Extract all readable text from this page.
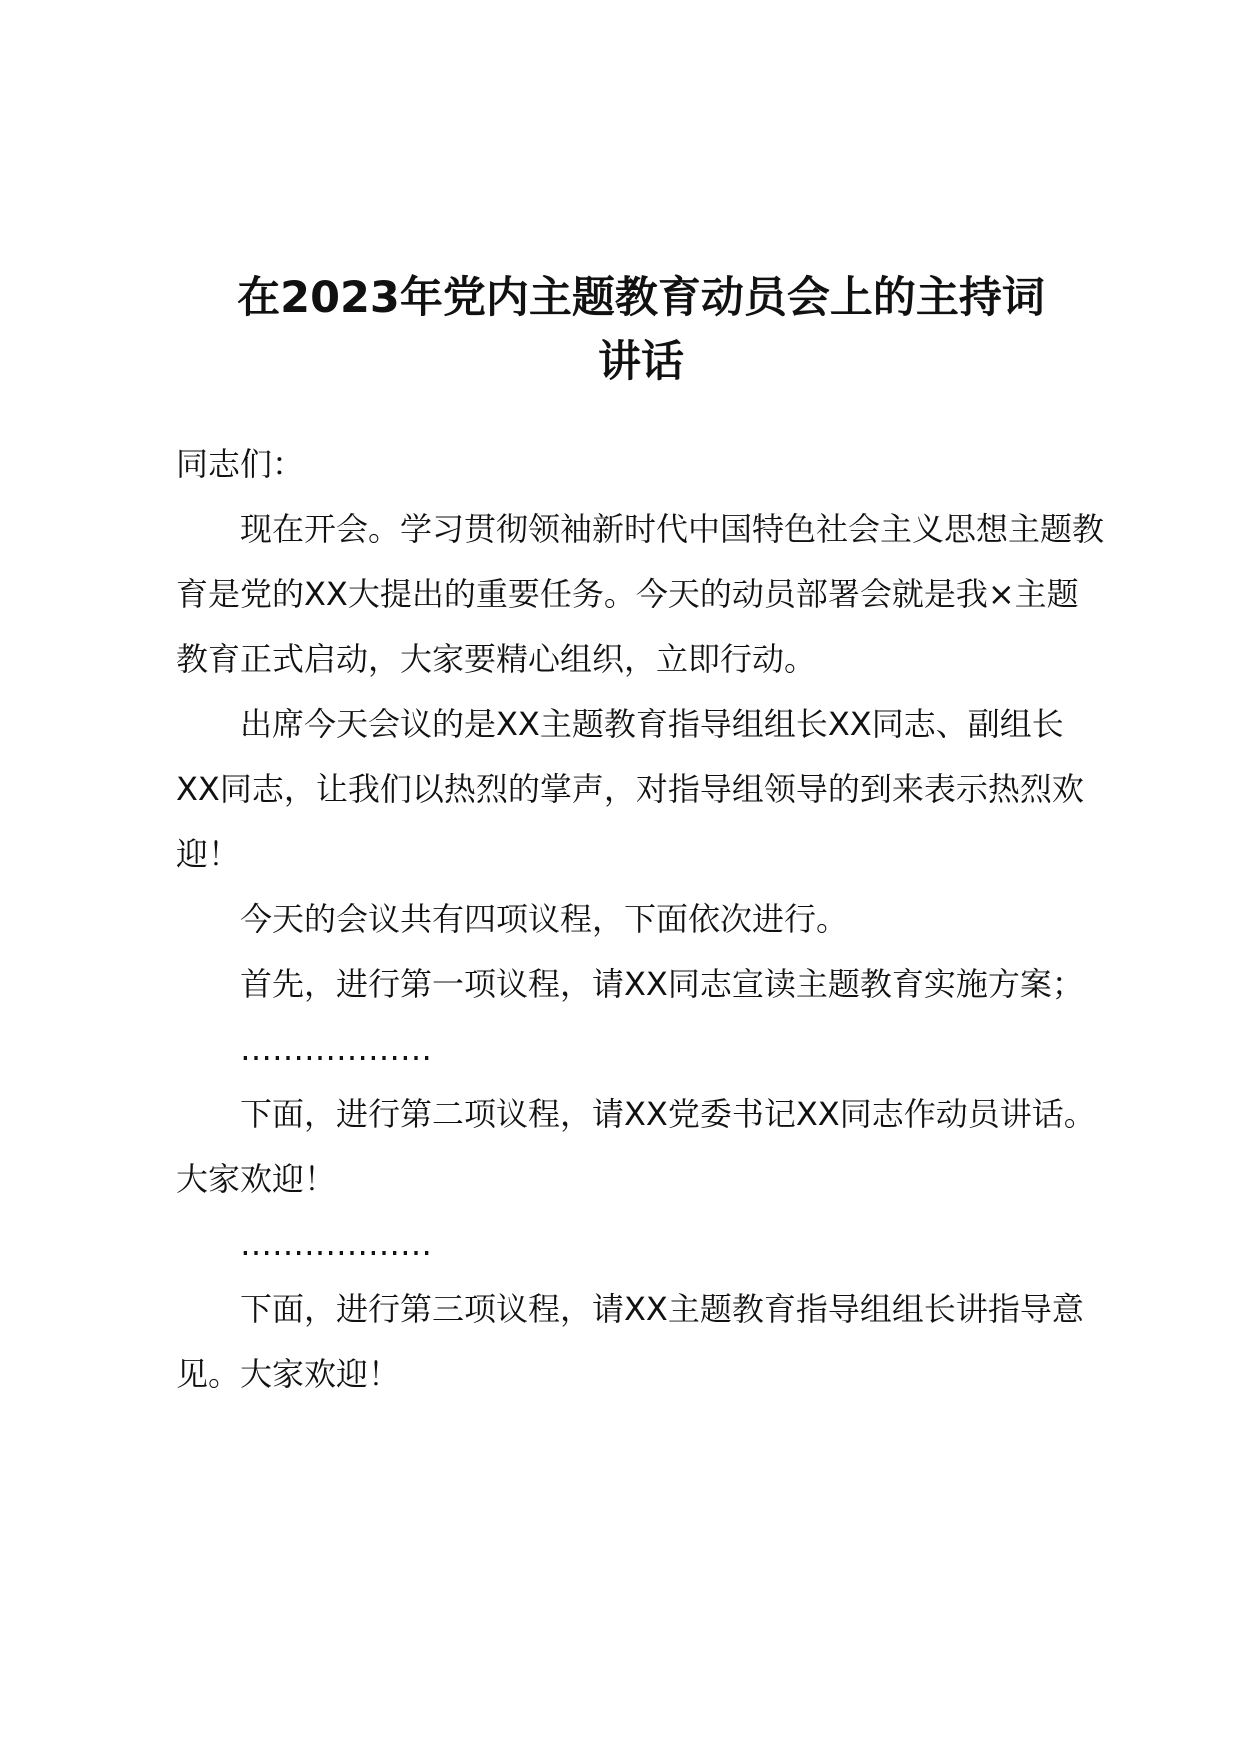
在2023年党内主题教育动员会上的主持词
讲话

同志们：

现在开会。学习贯彻领袖新时代中国特色社会主义思想主题教育是党的XX大提出的重要任务。今天的动员部署会就是我×主题教育正式启动，大家要精心组织，立即行动。

出席今天会议的是XX主题教育指导组组长XX同志、副组长XX同志，让我们以热烈的掌声，对指导组领导的到来表示热烈欢迎！

今天的会议共有四项议程，下面依次进行。

首先，进行第一项议程，请XX同志宣读主题教育实施方案；

………………

下面，进行第二项议程，请XX党委书记XX同志作动员讲话。大家欢迎！

………………

下面，进行第三项议程，请XX主题教育指导组组长讲指导意见。大家欢迎！
